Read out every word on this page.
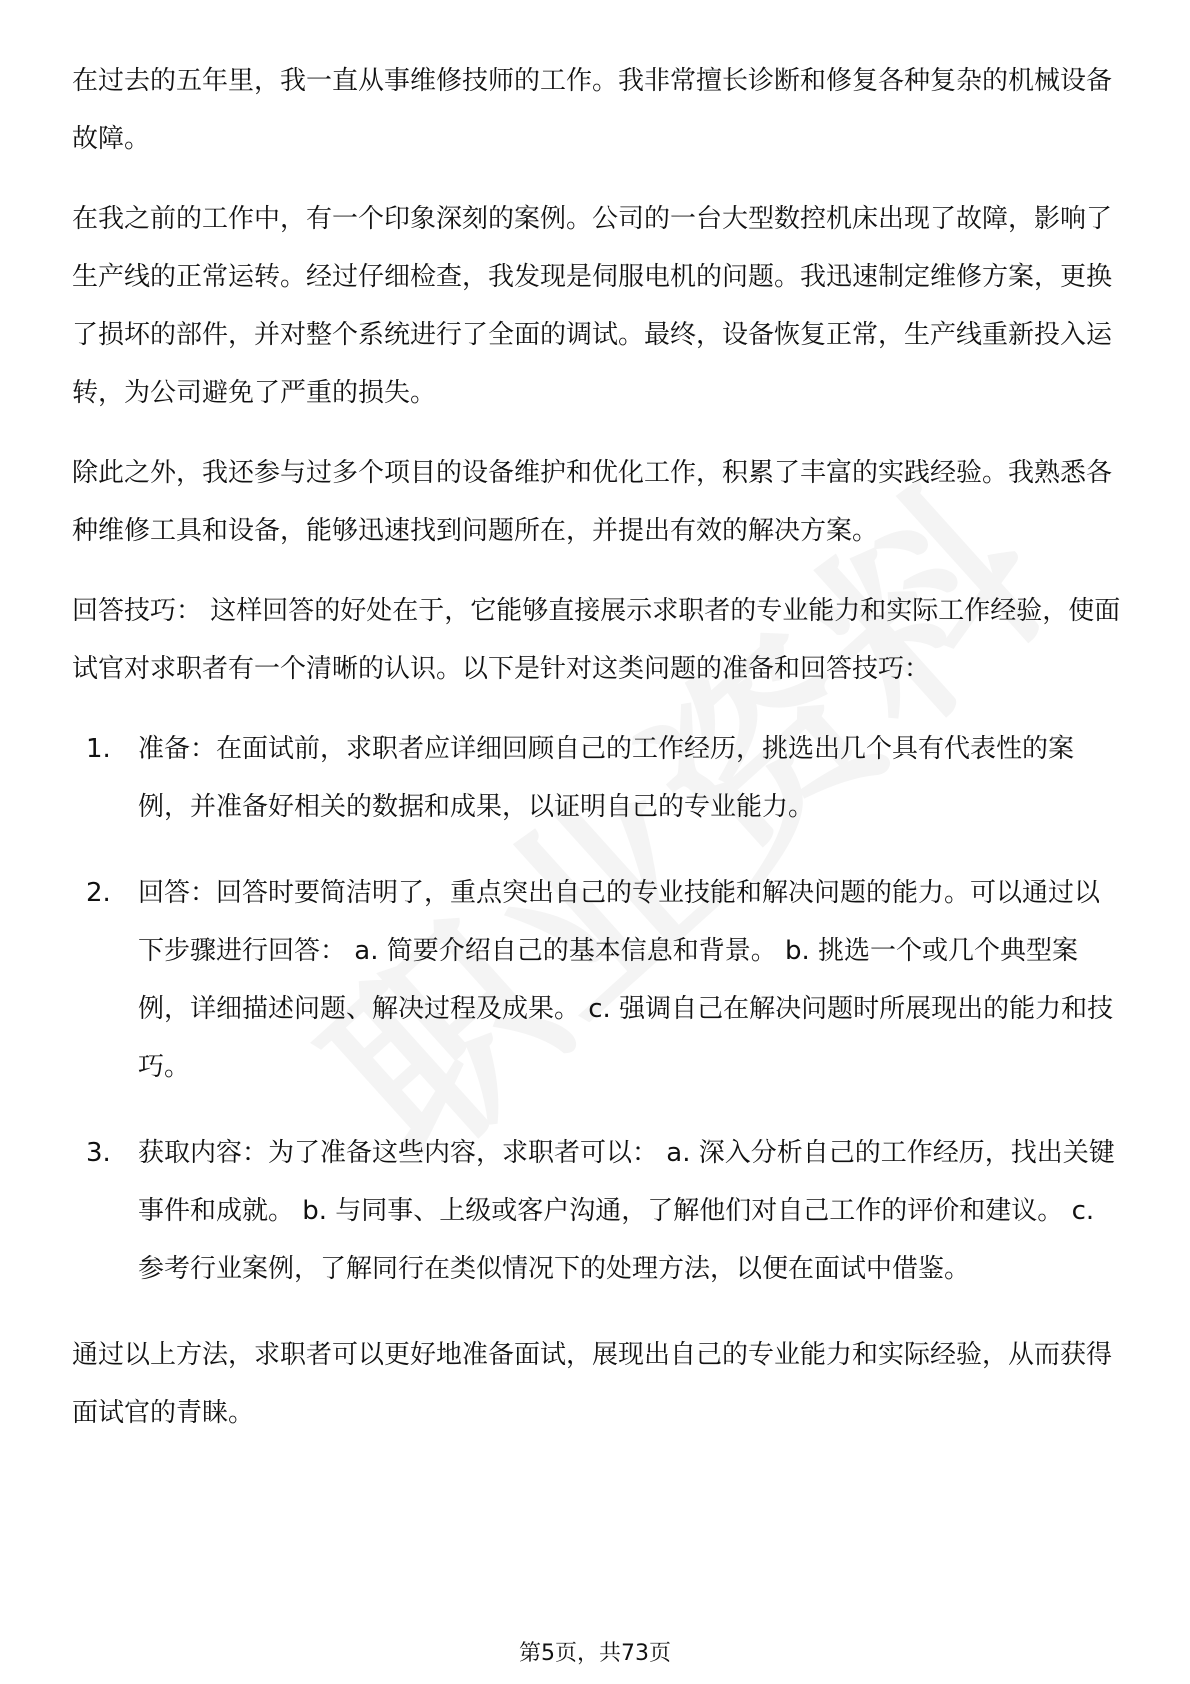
在过去的五年里，我一直从事维修技师的工作。我非常擅长诊断和修复各种复杂的机械设备故障。

在我之前的工作中，有一个印象深刻的案例。公司的一台大型数控机床出现了故障，影响了生产线的正常运转。经过仔细检查，我发现是伺服电机的问题。我迅速制定维修方案，更换了损坏的部件，并对整个系统进行了全面的调试。最终，设备恢复正常，生产线重新投入运转，为公司避免了严重的损失。

除此之外，我还参与过多个项目的设备维护和优化工作，积累了丰富的实践经验。我熟悉各种维修工具和设备，能够迅速找到问题所在，并提出有效的解决方案。

回答技巧： 这样回答的好处在于，它能够直接展示求职者的专业能力和实际工作经验，使面试官对求职者有一个清晰的认识。以下是针对这类问题的准备和回答技巧：

1.	准备：在面试前，求职者应详细回顾自己的工作经历，挑选出几个具有代表性的案例，并准备好相关的数据和成果，以证明自己的专业能力。
2.	回答：回答时要简洁明了，重点突出自己的专业技能和解决问题的能力。可以通过以下步骤进行回答： a. 简要介绍自己的基本信息和背景。 b. 挑选一个或几个典型案例，详细描述问题、解决过程及成果。 c. 强调自己在解决问题时所展现出的能力和技巧。
3.	获取内容：为了准备这些内容，求职者可以： a. 深入分析自己的工作经历，找出关键事件和成就。 b. 与同事、上级或客户沟通，了解他们对自己工作的评价和建议。 c. 参考行业案例，了解同行在类似情况下的处理方法，以便在面试中借鉴。

通过以上方法，求职者可以更好地准备面试，展现出自己的专业能力和实际经验，从而获得面试官的青睐。

第5页，共73页
